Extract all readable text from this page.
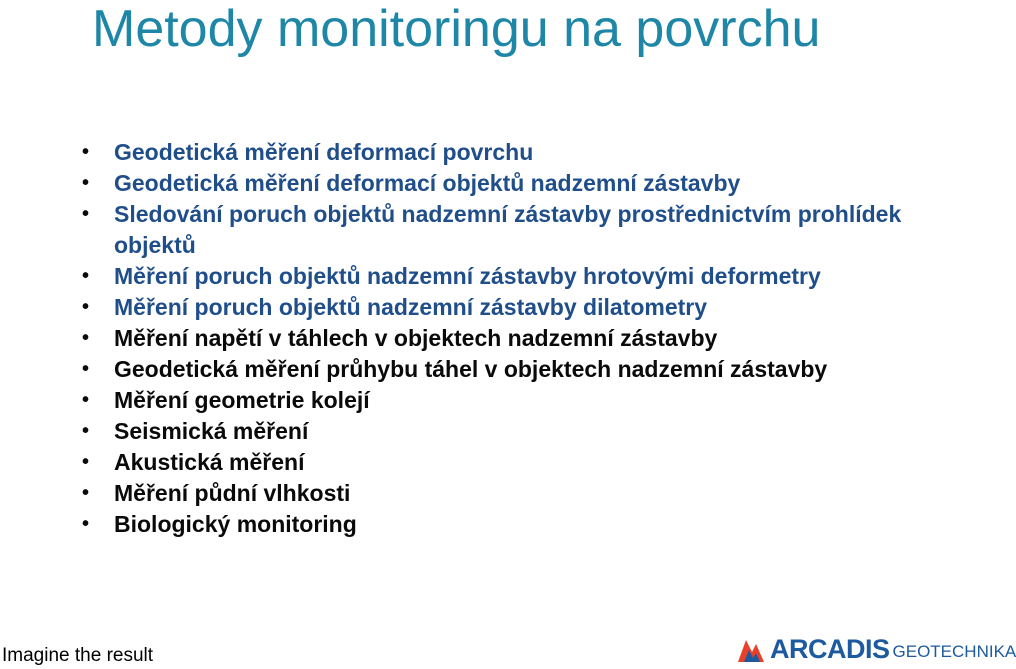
Metody monitoringu na povrchu
•	Geodetická měření deformací povrchu
•	Geodetická měření deformací objektů nadzemní zástavby
•	Sledování poruch objektů nadzemní zástavby prostřednictvím prohlídek objektů
•	Měření poruch objektů nadzemní zástavby hrotovými deformetry
•	Měření poruch objektů nadzemní zástavby dilatometry
•	Měření napětí v táhlech v objektech nadzemní zástavby
•	Geodetická měření průhybu táhel v objektech nadzemní zástavby
•	Měření geometrie kolejí
•	Seismická měření
•	Akustická měření
•	Měření půdní vlhkosti
•	Biologický monitoring
Imagine the result	ARCADIS GEOTECHNIKA
